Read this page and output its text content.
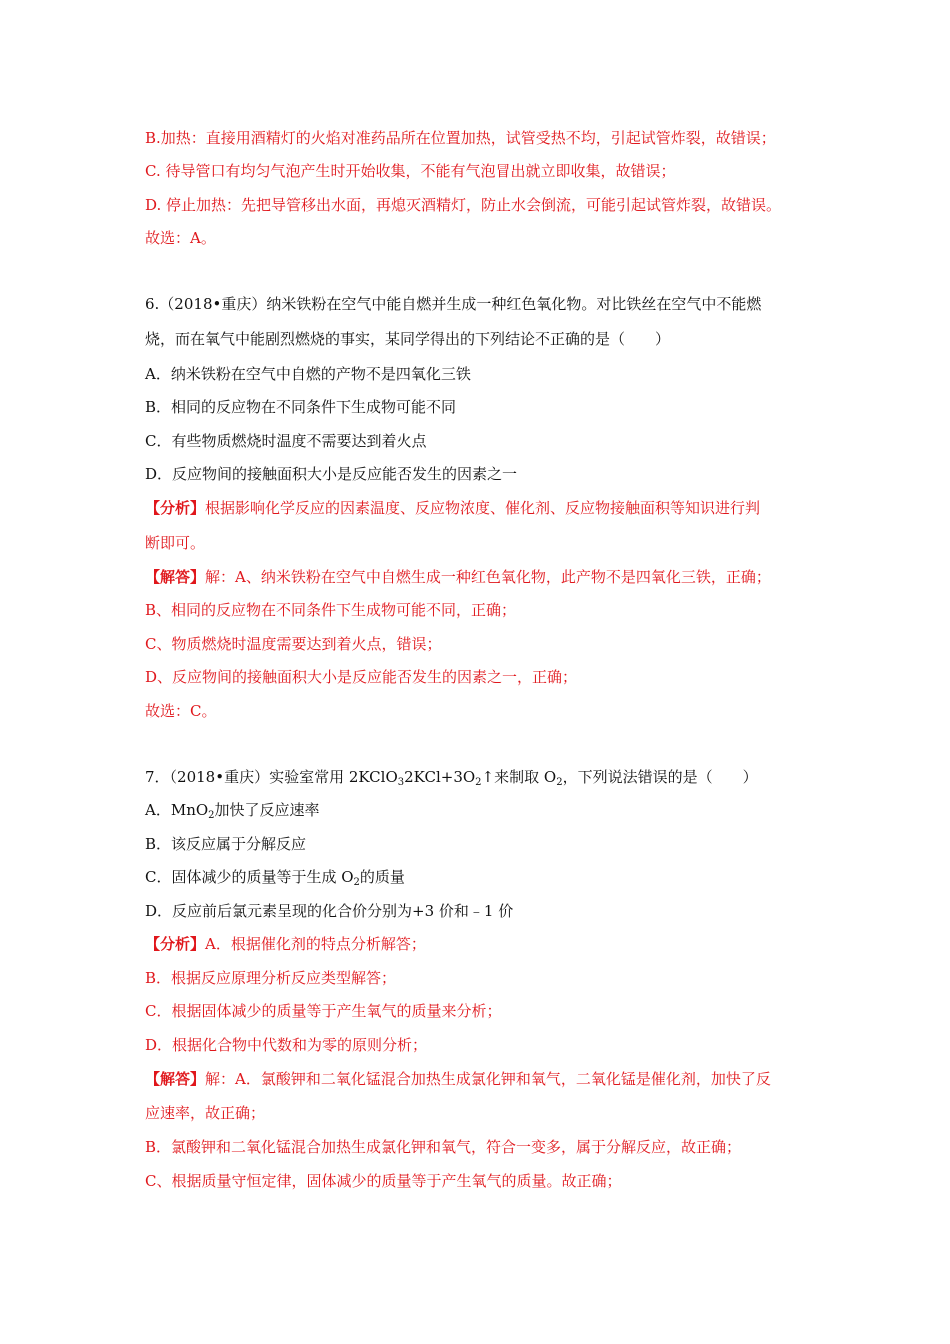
B.加热：直接用酒精灯的火焰对准药品所在位置加热，试管受热不均，引起试管炸裂，故错误；
C. 待导管口有均匀气泡产生时开始收集，不能有气泡冒出就立即收集，故错误；
D. 停止加热：先把导管移出水面，再熄灭酒精灯，防止水会倒流，可能引起试管炸裂，故错误。
故选：A。
6.（2018•重庆）纳米铁粉在空气中能自燃并生成一种红色氧化物。对比铁丝在空气中不能燃
烧，而在氧气中能剧烈燃烧的事实，某同学得出的下列结论不正确的是（　　）
A．纳米铁粉在空气中自燃的产物不是四氧化三铁
B．相同的反应物在不同条件下生成物可能不同
C．有些物质燃烧时温度不需要达到着火点
D．反应物间的接触面积大小是反应能否发生的因素之一
【分析】根据影响化学反应的因素温度、反应物浓度、催化剂、反应物接触面积等知识进行判
断即可。
【解答】解：A、纳米铁粉在空气中自燃生成一种红色氧化物，此产物不是四氧化三铁，正确；
B、相同的反应物在不同条件下生成物可能不同，正确；
C、物质燃烧时温度需要达到着火点，错误；
D、反应物间的接触面积大小是反应能否发生的因素之一，正确；
故选：C。
7．（2018•重庆）实验室常用 $2KClO_32KCl+3O_2↑$来制取 $O_2$，下列说法错误的是（　　）
A．MnO$_2$加快了反应速率
B．该反应属于分解反应
C．固体减少的质量等于生成 $O_2$的质量
D．反应前后氯元素呈现的化合价分别为+3 价和﹣1 价
【分析】A．根据催化剂的特点分析解答；
B．根据反应原理分析反应类型解答；
C．根据固体减少的质量等于产生氧气的质量来分析；
D．根据化合物中代数和为零的原则分析；
【解答】解：A．氯酸钾和二氧化锰混合加热生成氯化钾和氧气，二氧化锰是催化剂，加快了反
应速率，故正确；
B．氯酸钾和二氧化锰混合加热生成氯化钾和氧气，符合一变多，属于分解反应，故正确；
C、根据质量守恒定律，固体减少的质量等于产生氧气的质量。故正确；
